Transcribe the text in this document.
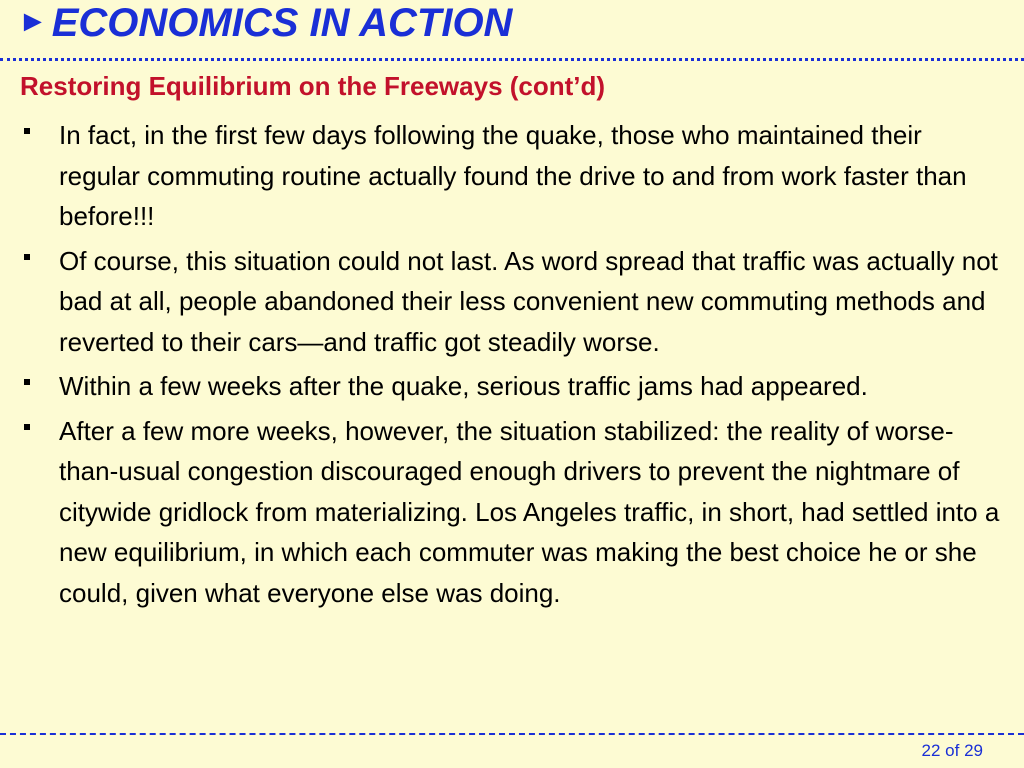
► ECONOMICS IN ACTION
Restoring Equilibrium on the Freeways (cont’d)
In fact, in the first few days following the quake, those who maintained their regular commuting routine actually found the drive to and from work faster than before!!!
Of course, this situation could not last. As word spread that traffic was actually not bad at all, people abandoned their less convenient new commuting methods and reverted to their cars—and traffic got steadily worse.
Within a few weeks after the quake, serious traffic jams had appeared.
After a few more weeks, however, the situation stabilized: the reality of worse-than-usual congestion discouraged enough drivers to prevent the nightmare of citywide gridlock from materializing. Los Angeles traffic, in short, had settled into a new equilibrium, in which each commuter was making the best choice he or she could, given what everyone else was doing.
22 of 29
